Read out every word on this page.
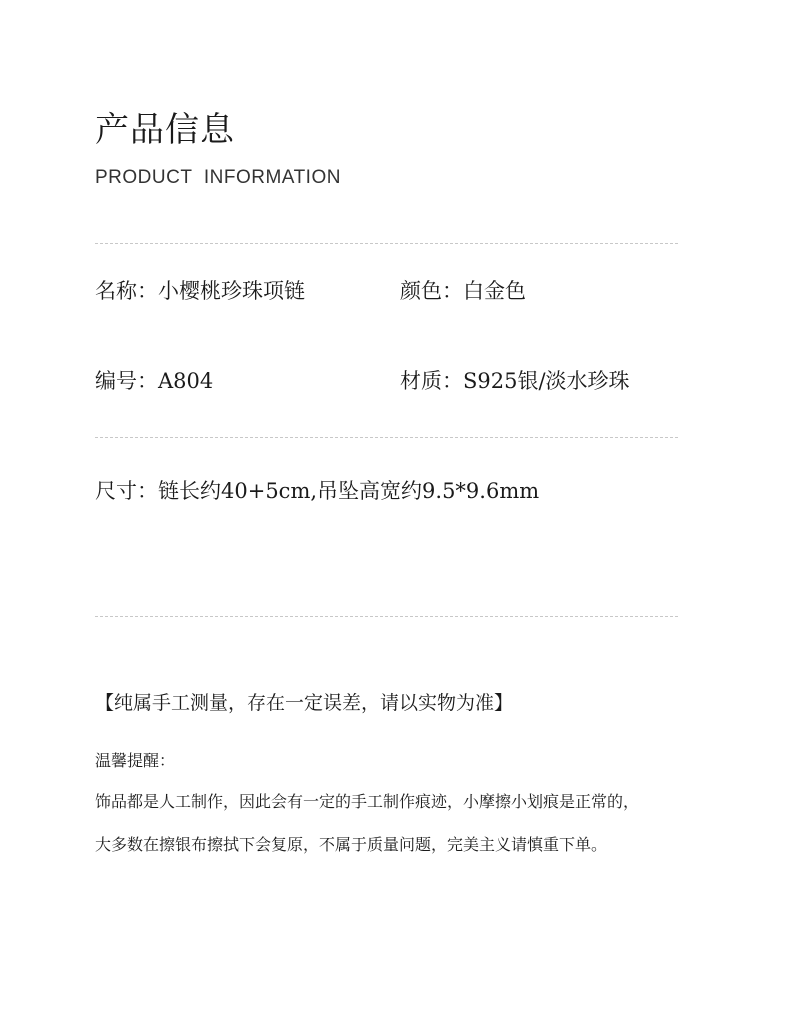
产品信息
PRODUCT INFORMATION
名称：小樱桃珍珠项链	颜色：白金色
编号：A804	材质：S925银/淡水珍珠
尺寸：链长约40+5cm,吊坠高宽约9.5*9.6mm
【纯属手工测量，存在一定误差，请以实物为准】
温馨提醒：
饰品都是人工制作，因此会有一定的手工制作痕迹，小摩擦小划痕是正常的，
大多数在擦银布擦拭下会复原，不属于质量问题，完美主义请慎重下单。
